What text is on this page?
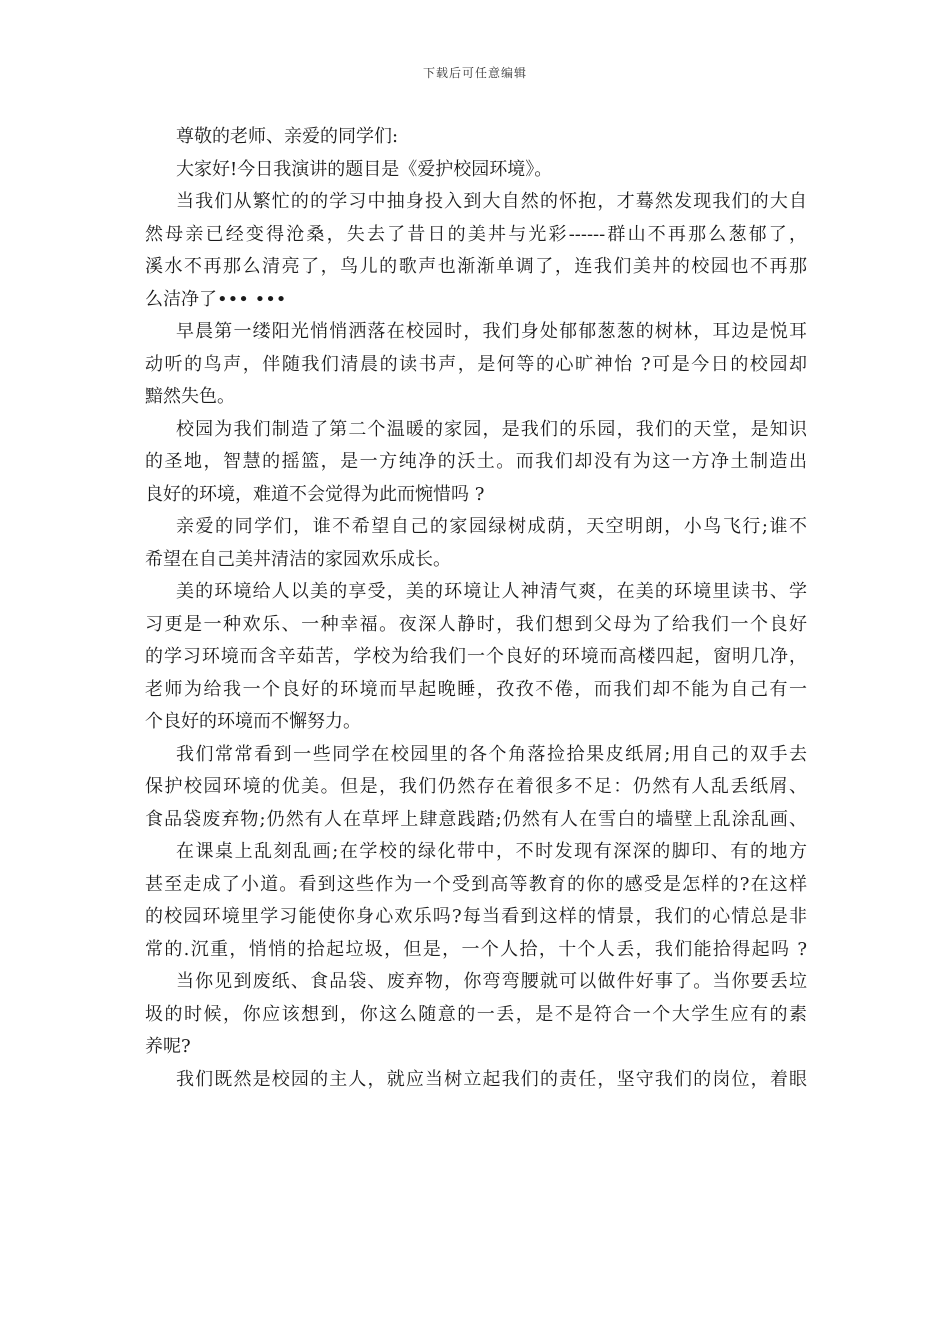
下载后可任意编辑
尊敬的老师、亲爱的同学们:
大家好!今日我演讲的题目是《爱护校园环境》。
当我们从繁忙的的学习中抽身投入到大自然的怀抱，才蓦然发现我们的大自
然母亲已经变得沧桑，失去了昔日的美丼与光彩------群山不再那么葱郁了，
溪水不再那么清亮了，鸟儿的歌声也渐渐单调了，连我们美丼的校园也不再那
么洁净了••• •••
早晨第一缕阳光悄悄洒落在校园时，我们身处郁郁葱葱的树林，耳边是悦耳
动听的鸟声，伴随我们清晨的读书声，是何等的心旷神怡 ?可是今日的校园却
黯然失色。
校园为我们制造了第二个温暖的家园，是我们的乐园，我们的天堂，是知识
的圣地，智慧的摇篮，是一方纯净的沃土。而我们却没有为这一方净土制造出
良好的环境，难道不会觉得为此而惋惜吗 ?
亲爱的同学们，谁不希望自己的家园绿树成荫，天空明朗，小鸟飞行;谁不
希望在自己美丼清洁的家园欢乐成长。
美的环境给人以美的享受，美的环境让人神清气爽，在美的环境里读书、学
习更是一种欢乐、一种幸福。夜深人静时，我们想到父母为了给我们一个良好
的学习环境而含辛茹苦，学校为给我们一个良好的环境而高楼四起，窗明几净，
老师为给我一个良好的环境而早起晚睡，孜孜不倦，而我们却不能为自己有一
个良好的环境而不懈努力。
我们常常看到一些同学在校园里的各个角落捡拾果皮纸屑;用自己的双手去
保护校园环境的优美。但是，我们仍然存在着很多不足：仍然有人乱丢纸屑、
食品袋废弃物;仍然有人在草坪上肆意践踏;仍然有人在雪白的墙壁上乱涂乱画、
在课桌上乱刻乱画;在学校的绿化带中，不时发现有深深的脚印、有的地方
甚至走成了小道。看到这些作为一个受到高等教育的你的感受是怎样的?在这样
的校园环境里学习能使你身心欢乐吗?每当看到这样的情景，我们的心情总是非
常的.沉重，悄悄的拾起垃圾，但是，一个人拾，十个人丢，我们能拾得起吗 ?
当你见到废纸、食品袋、废弃物，你弯弯腰就可以做件好事了。当你要丢垃
圾的时候，你应该想到，你这么随意的一丢，是不是符合一个大学生应有的素
养呢?
我们既然是校园的主人，就应当树立起我们的责任，坚守我们的岗位，着眼
